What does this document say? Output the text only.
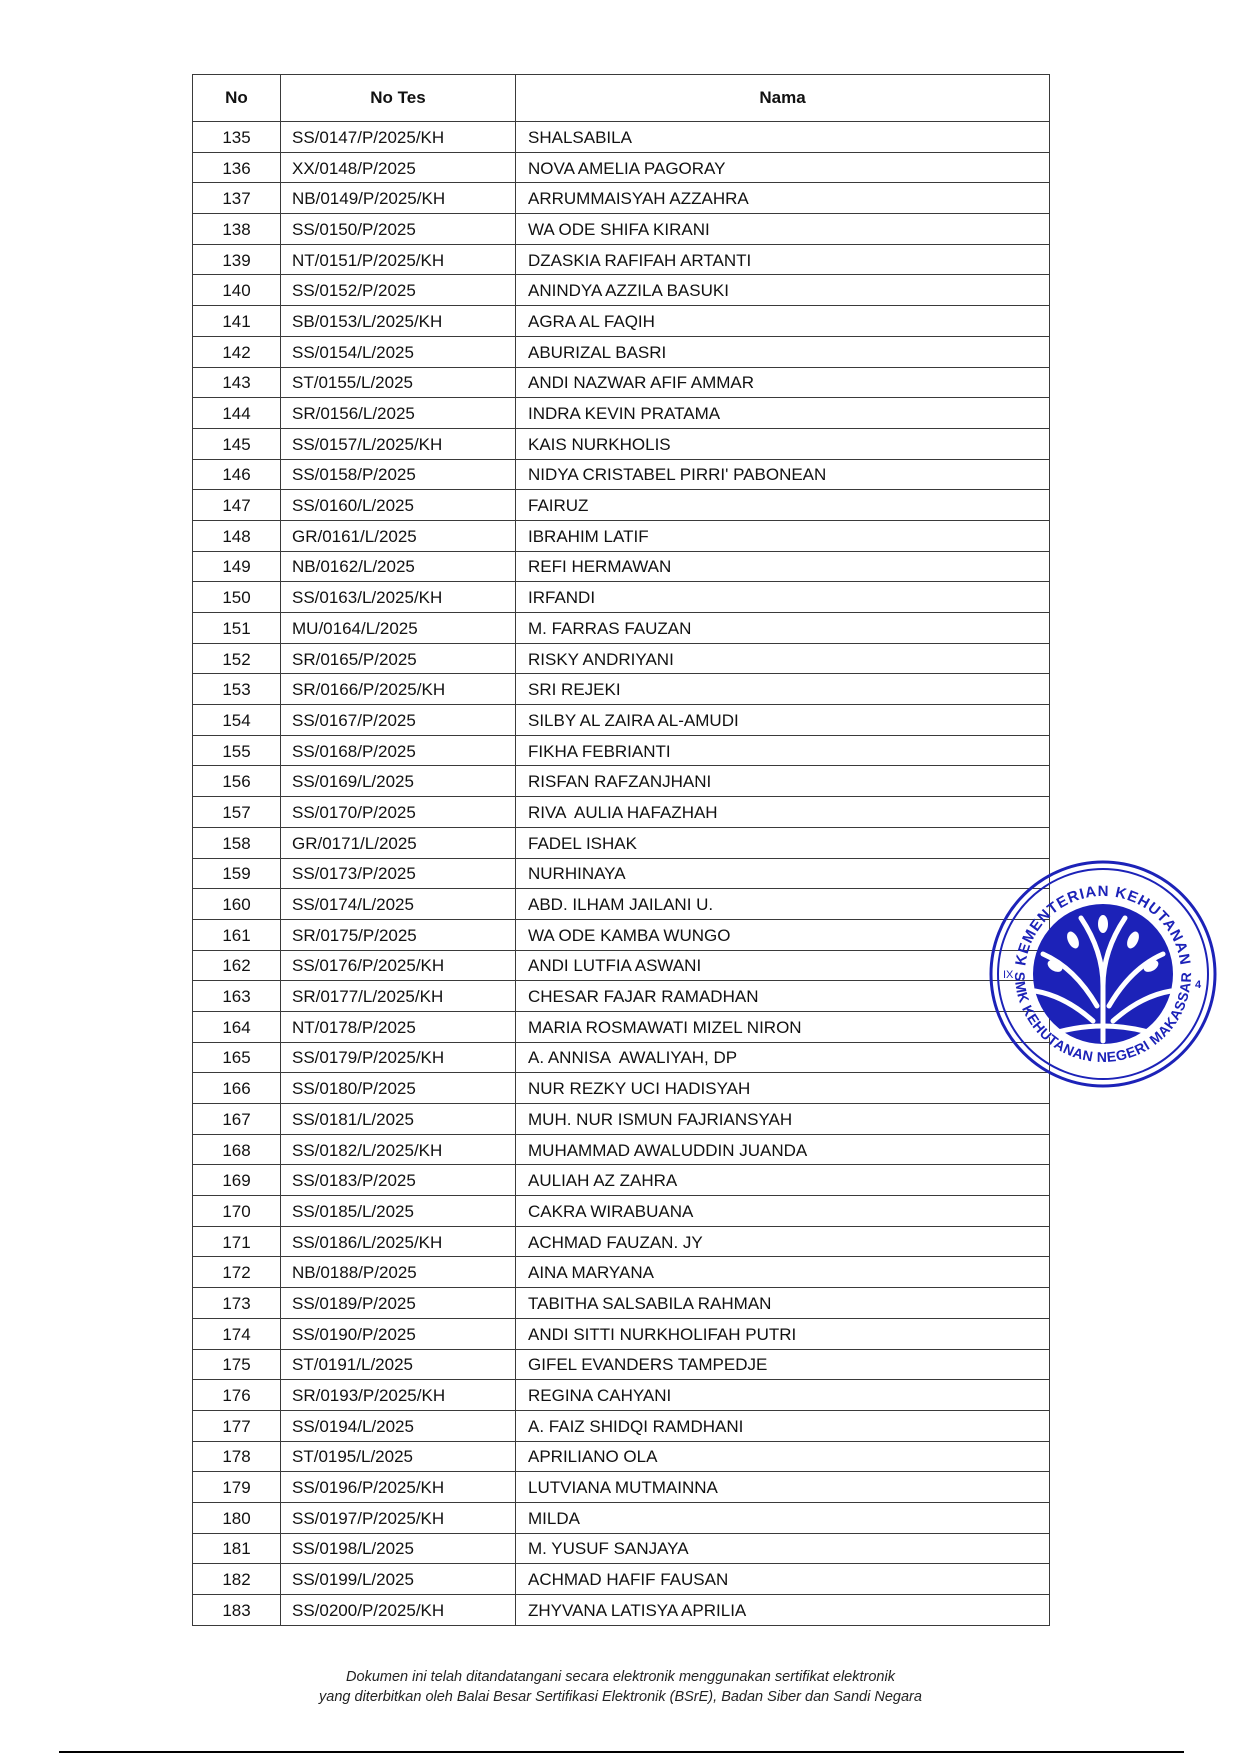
No	No Tes	Nama

135	SS/0147/P/2025/KH	SHALSABILA

136	XX/0148/P/2025	NOVA AMELIA PAGORAY

137	NB/0149/P/2025/KH	ARRUMMAISYAH AZZAHRA

138	SS/0150/P/2025	WA ODE SHIFA KIRANI

139	NT/0151/P/2025/KH	DZASKIA RAFIFAH ARTANTI

140	SS/0152/P/2025	ANINDYA AZZILA BASUKI

141	SB/0153/L/2025/KH	AGRA AL FAQIH

142	SS/0154/L/2025	ABURIZAL BASRI

143	ST/0155/L/2025	ANDI NAZWAR AFIF AMMAR

144	SR/0156/L/2025	INDRA KEVIN PRATAMA

145	SS/0157/L/2025/KH	KAIS NURKHOLIS

146	SS/0158/P/2025	NIDYA CRISTABEL PIRRI' PABONEAN

147	SS/0160/L/2025	FAIRUZ

148	GR/0161/L/2025	IBRAHIM LATIF

149	NB/0162/L/2025	REFI HERMAWAN

150	SS/0163/L/2025/KH	IRFANDI

151	MU/0164/L/2025	M. FARRAS FAUZAN

152	SR/0165/P/2025	RISKY ANDRIYANI

153	SR/0166/P/2025/KH	SRI REJEKI

154	SS/0167/P/2025	SILBY AL ZAIRA AL-AMUDI

155	SS/0168/P/2025	FIKHA FEBRIANTI

156	SS/0169/L/2025	RISFAN RAFZANJHANI

157	SS/0170/P/2025	RIVA  AULIA HAFAZHAH

158	GR/0171/L/2025	FADEL ISHAK

159	SS/0173/P/2025	NURHINAYA

160	SS/0174/L/2025	ABD. ILHAM JAILANI U.

161	SR/0175/P/2025	WA ODE KAMBA WUNGO

162	SS/0176/P/2025/KH	ANDI LUTFIA ASWANI

163	SR/0177/L/2025/KH	CHESAR FAJAR RAMADHAN

164	NT/0178/P/2025	MARIA ROSMAWATI MIZEL NIRON

165	SS/0179/P/2025/KH	A. ANNISA  AWALIYAH, DP

166	SS/0180/P/2025	NUR REZKY UCI HADISYAH

167	SS/0181/L/2025	MUH. NUR ISMUN FAJRIANSYAH

168	SS/0182/L/2025/KH	MUHAMMAD AWALUDDIN JUANDA

169	SS/0183/P/2025	AULIAH AZ ZAHRA

170	SS/0185/L/2025	CAKRA WIRABUANA

171	SS/0186/L/2025/KH	ACHMAD FAUZAN. JY

172	NB/0188/P/2025	AINA MARYANA

173	SS/0189/P/2025	TABITHA SALSABILA RAHMAN

174	SS/0190/P/2025	ANDI SITTI NURKHOLIFAH PUTRI

175	ST/0191/L/2025	GIFEL EVANDERS TAMPEDJE

176	SR/0193/P/2025/KH	REGINA CAHYANI

177	SS/0194/L/2025	A. FAIZ SHIDQI RAMDHANI

178	ST/0195/L/2025	APRILIANO OLA

179	SS/0196/P/2025/KH	LUTVIANA MUTMAINNA

180	SS/0197/P/2025/KH	MILDA

181	SS/0198/L/2025	M. YUSUF SANJAYA

182	SS/0199/L/2025	ACHMAD HAFIF FAUSAN

183	SS/0200/P/2025/KH	ZHYVANA LATISYA APRILIA
KEMENTERIAN KEHUTANAN
SMK KEHUTANAN NEGERI MAKASSAR
IX
4
Dokumen ini telah ditandatangani secara elektronik menggunakan sertifikat elektronik
yang diterbitkan oleh Balai Besar Sertifikasi Elektronik (BSrE), Badan Siber dan Sandi Negara
